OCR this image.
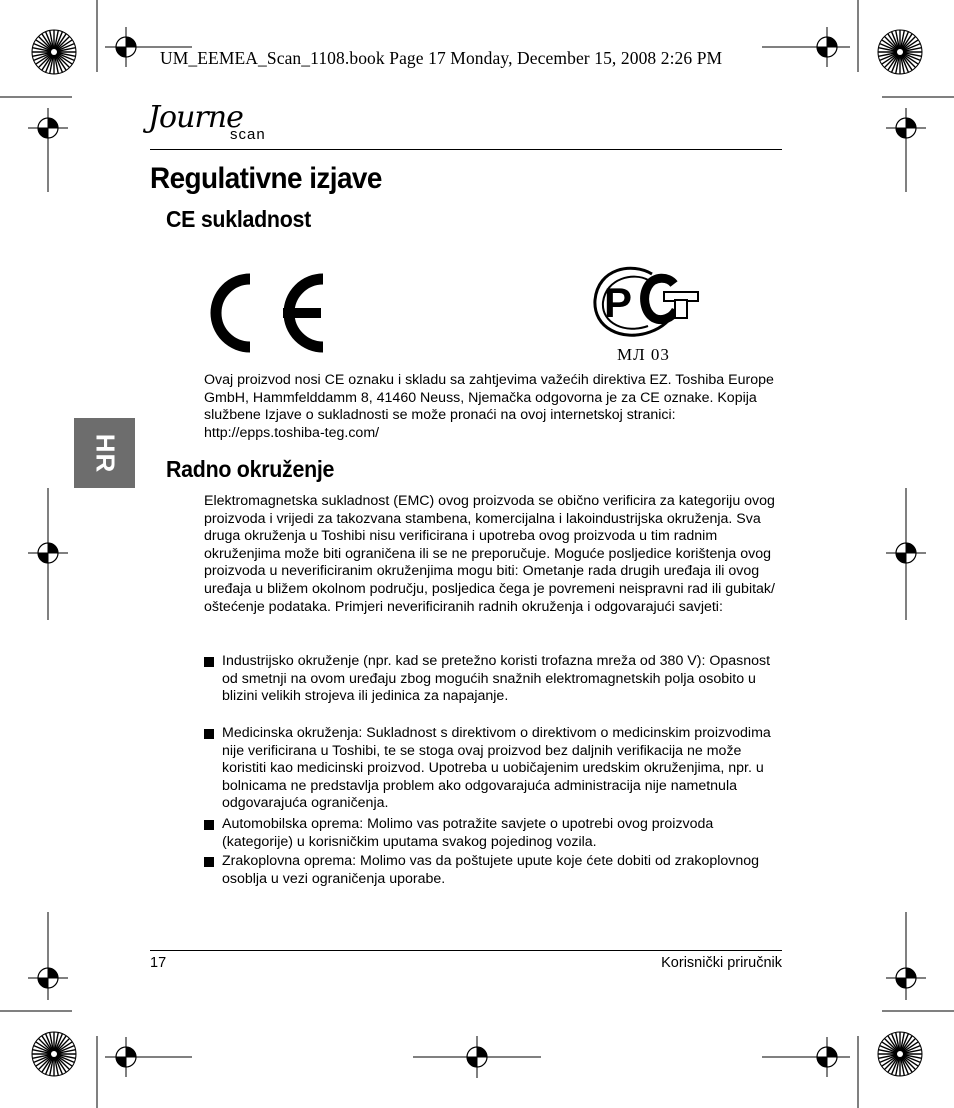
UM_EEMEA_Scan_1108.book Page 17 Monday, December 15, 2008 2:26 PM
Journe
scan
Regulativne izjave
CE sukladnost
P
МЛ 03

Ovaj proizvod nosi CE oznaku i skladu sa zahtjevima važećih direktiva EZ. Toshiba Europe GmbH, Hammfelddamm 8, 41460 Neuss, Njemačka odgovorna je za CE oznake. Kopija službene Izjave o sukladnosti se može pronaći na ovoj internetskoj stranici: http://epps.toshiba-teg.com/

HR Radno okruženje

Elektromagnetska sukladnost (EMC) ovog proizvoda se obično verificira za kategoriju ovog proizvoda i vrijedi za takozvana stambena, komercijalna i lakoindustrijska okruženja. Sva druga okruženja u Toshibi nisu verificirana i upotreba ovog proizvoda u tim radnim okruženjima može biti ograničena ili se ne preporučuje. Moguće posljedice korištenja ovog proizvoda u neverificiranim okruženjima mogu biti: Ometanje rada drugih uređaja ili ovog uređaja u bližem okolnom području, posljedica čega je povremeni neispravni rad ili gubitak/ oštećenje podataka. Primjeri neverificiranih radnih okruženja i odgovarajući savjeti:

Industrijsko okruženje (npr. kad se pretežno koristi trofazna mreža od 380 V): Opasnost od smetnji na ovom uređaju zbog mogućih snažnih elektromagnetskih polja osobito u blizini velikih strojeva ili jedinica za napajanje.
Medicinska okruženja: Sukladnost s direktivom o direktivom o medicinskim proizvodima nije verificirana u Toshibi, te se stoga ovaj proizvod bez daljnih verifikacija ne može koristiti kao medicinski proizvod. Upotreba u uobičajenim uredskim okruženjima, npr. u bolnicama ne predstavlja problem ako odgovarajuća administracija nije nametnula odgovarajuća ograničenja.
Automobilska oprema: Molimo vas potražite savjete o upotrebi ovog proizvoda (kategorije) u korisničkim uputama svakog pojedinog vozila.
Zrakoplovna oprema: Molimo vas da poštujete upute koje ćete dobiti od zrakoplovnog osoblja u vezi ograničenja uporabe.
17	Korisnički priručnik
